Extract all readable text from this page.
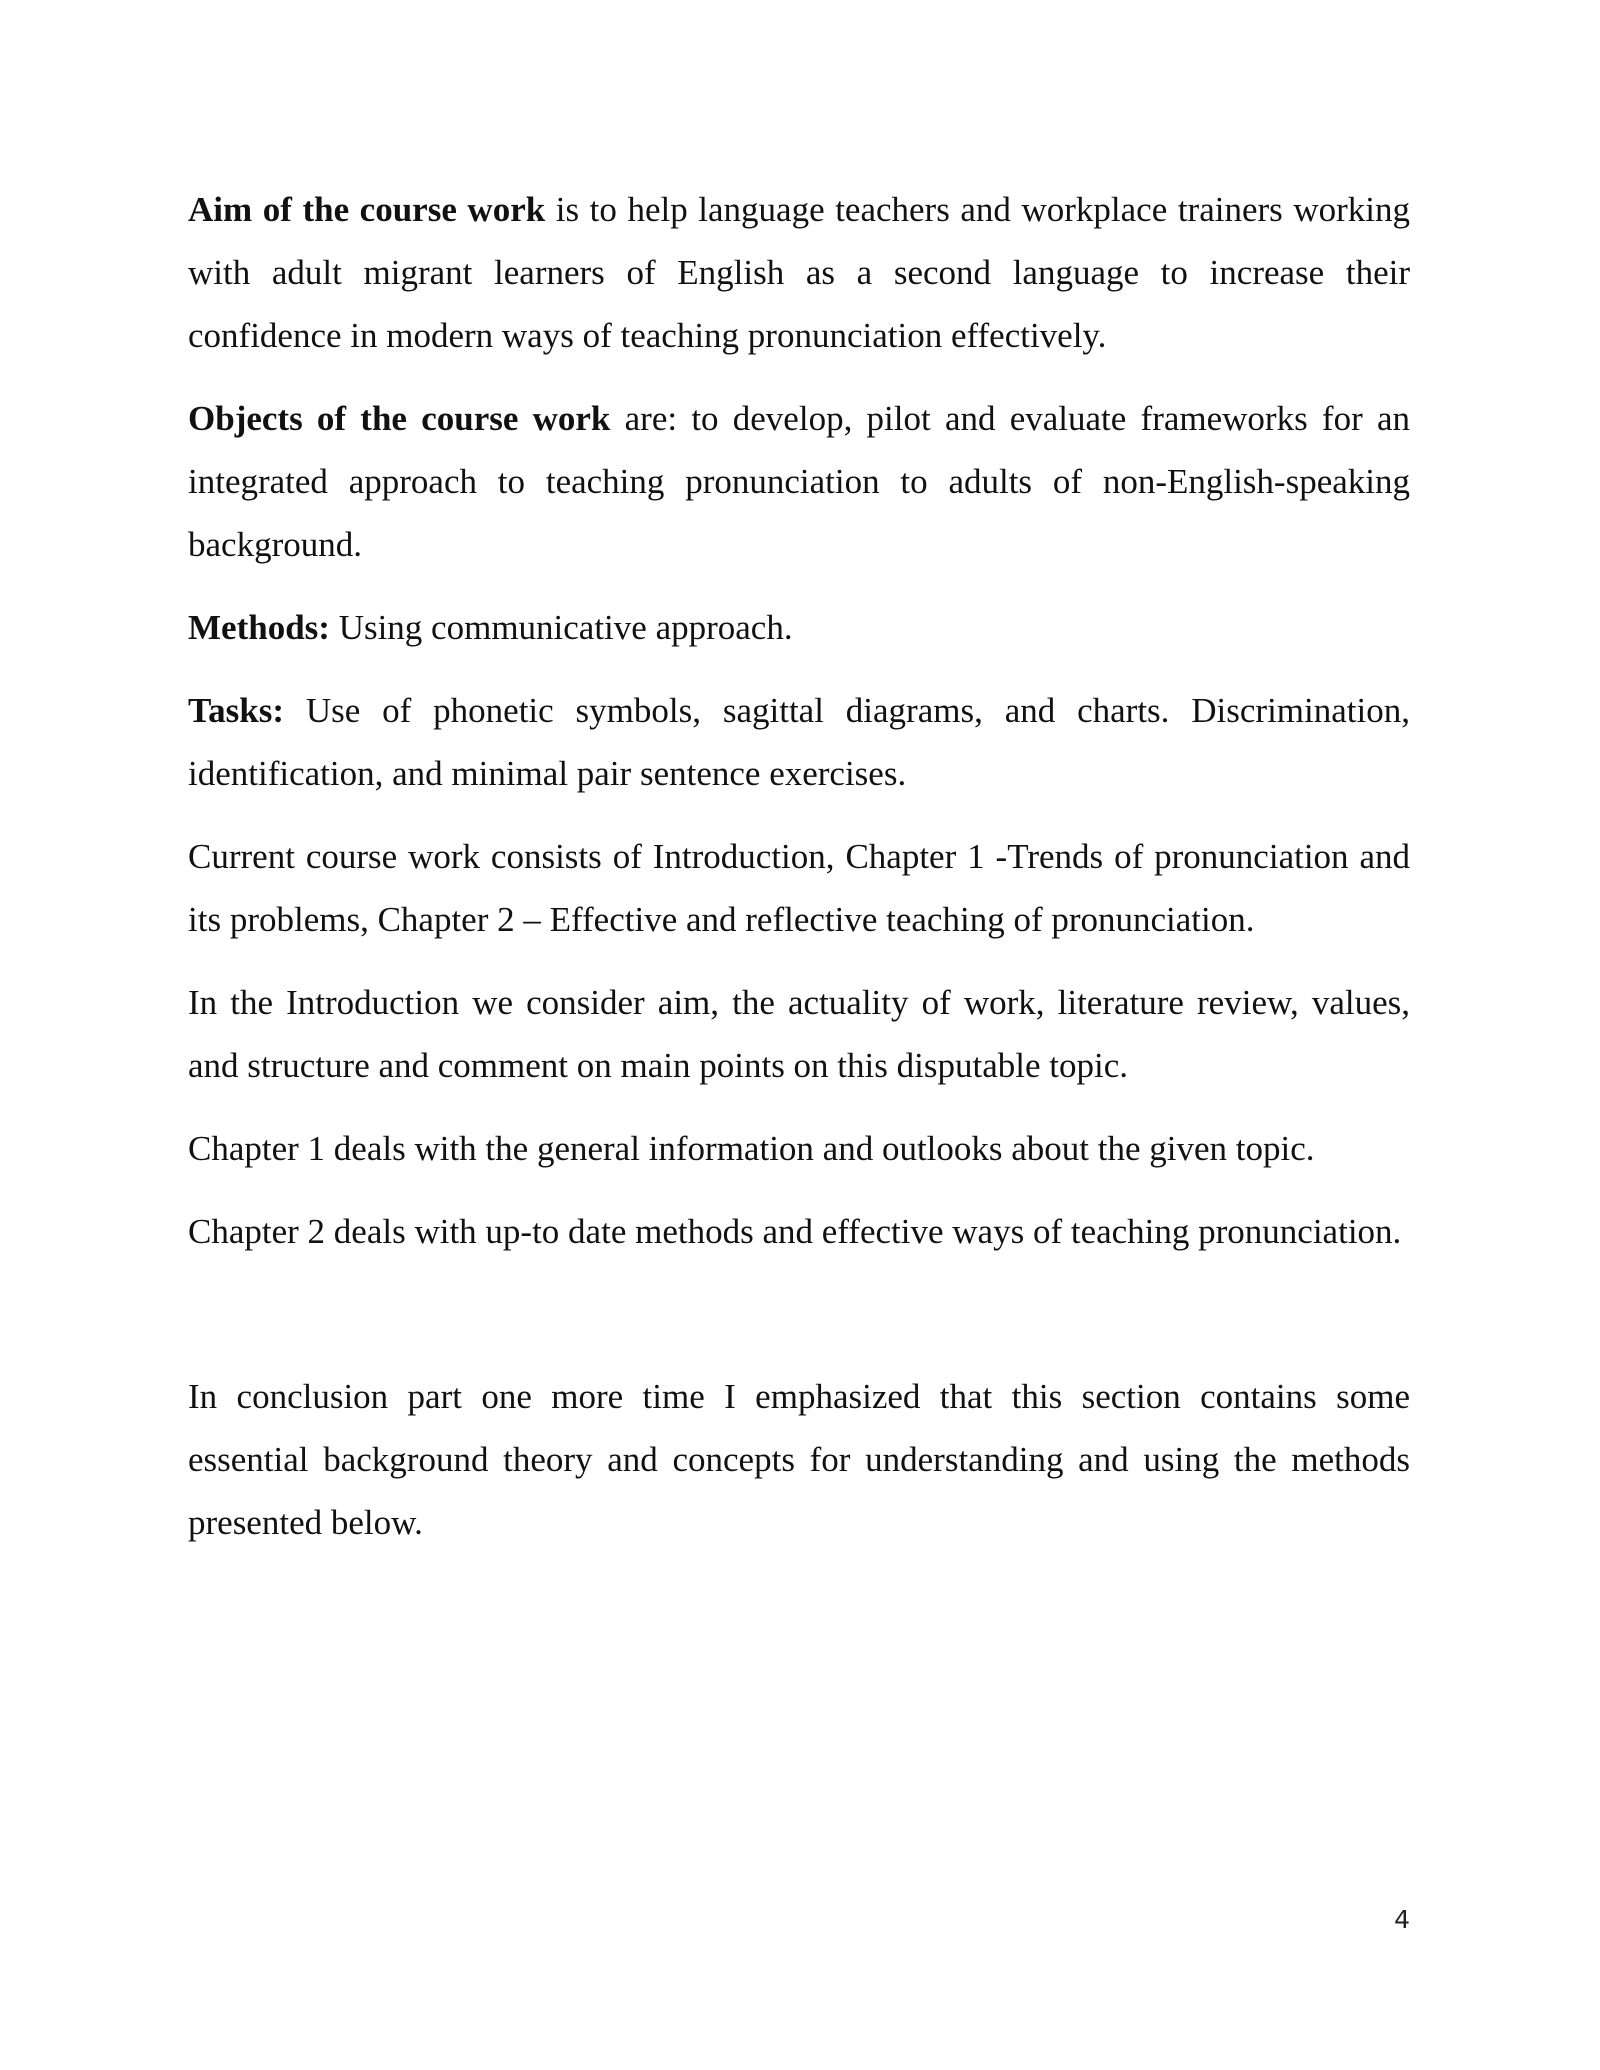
Aim of the course work is to help language teachers and workplace trainers working with adult migrant learners of English as a second language to increase their confidence in modern ways of teaching pronunciation effectively.

Objects of the course work are: to develop, pilot and evaluate frameworks for an integrated approach to teaching pronunciation to adults of non-English-speaking background.

Methods: Using communicative approach.

Tasks: Use of phonetic symbols, sagittal diagrams, and charts. Discrimination, identification, and minimal pair sentence exercises.

Current course work consists of Introduction, Chapter 1 -Trends of pronunciation and its problems, Chapter 2 – Effective and reflective teaching of pronunciation.

In the Introduction we consider aim, the actuality of work, literature review, values, and structure and comment on main points on this disputable topic.

Chapter 1 deals with the general information and outlooks about the given topic.

Chapter 2 deals with up-to date methods and effective ways of teaching pronunciation.

In conclusion part one more time I emphasized that this section contains some essential background theory and concepts for understanding and using the methods presented below.

4
